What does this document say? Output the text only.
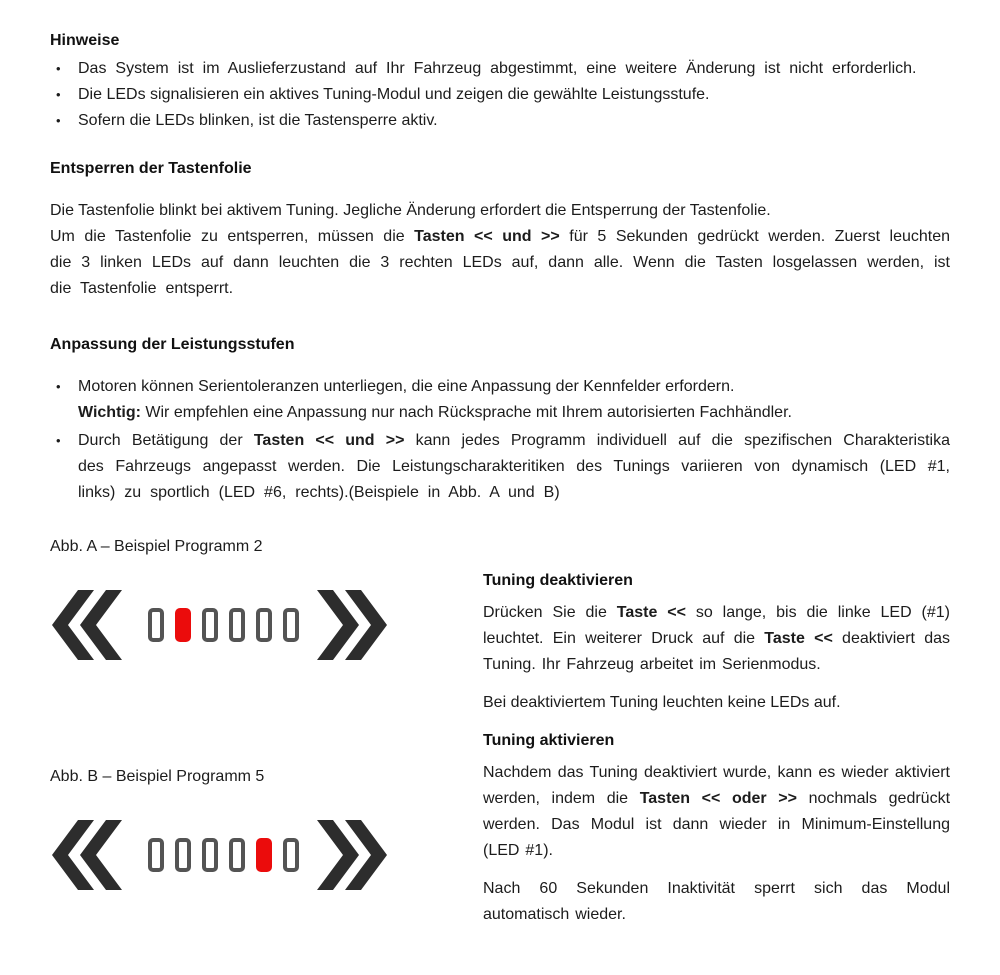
Hinweise

•	Das System ist im Auslieferzustand auf Ihr Fahrzeug abgestimmt, eine weitere Änderung ist nicht erforderlich.
•	Die LEDs signalisieren ein aktives Tuning-Modul und zeigen die gewählte Leistungsstufe.
•	Sofern die LEDs blinken, ist die Tastensperre aktiv.

Entsperren der Tastenfolie

Die Tastenfolie blinkt bei aktivem Tuning. Jegliche Änderung erfordert die Entsperrung der Tastenfolie.
Um die Tastenfolie zu entsperren, müssen die Tasten << und >> für 5 Sekunden gedrückt werden. Zuerst leuchten die 3 linken LEDs auf dann leuchten die 3 rechten LEDs auf, dann alle. Wenn die Tasten losgelassen werden, ist die Tastenfolie entsperrt.

Anpassung der Leistungsstufen

•	Motoren können Serientoleranzen unterliegen, die eine Anpassung der Kennfelder erfordern.
Wichtig: Wir empfehlen eine Anpassung nur nach Rücksprache mit Ihrem autorisierten Fachhändler.
•	Durch Betätigung der Tasten << und >> kann jedes Programm individuell auf die spezifischen Charakteristika des Fahrzeugs angepasst werden. Die Leistungscharakteritiken des Tunings variieren von dynamisch (LED #1, links) zu sportlich (LED #6, rechts).(Beispiele in Abb. A und B)

Abb. A – Beispiel Programm 2

Abb. B – Beispiel Programm 5

Tuning deaktivieren

Drücken Sie die Taste << so lange, bis die linke LED (#1) leuchtet. Ein weiterer Druck auf die Taste << deaktiviert das Tuning. Ihr Fahrzeug arbeitet im Serienmodus.

Bei deaktiviertem Tuning leuchten keine LEDs auf.

Tuning aktivieren

Nachdem das Tuning deaktiviert wurde, kann es wieder aktiviert werden, indem die Tasten << oder >> nochmals gedrückt werden. Das Modul ist dann wieder in Minimum-Einstellung (LED #1).

Nach 60 Sekunden Inaktivität sperrt sich das Modul automatisch wieder.
